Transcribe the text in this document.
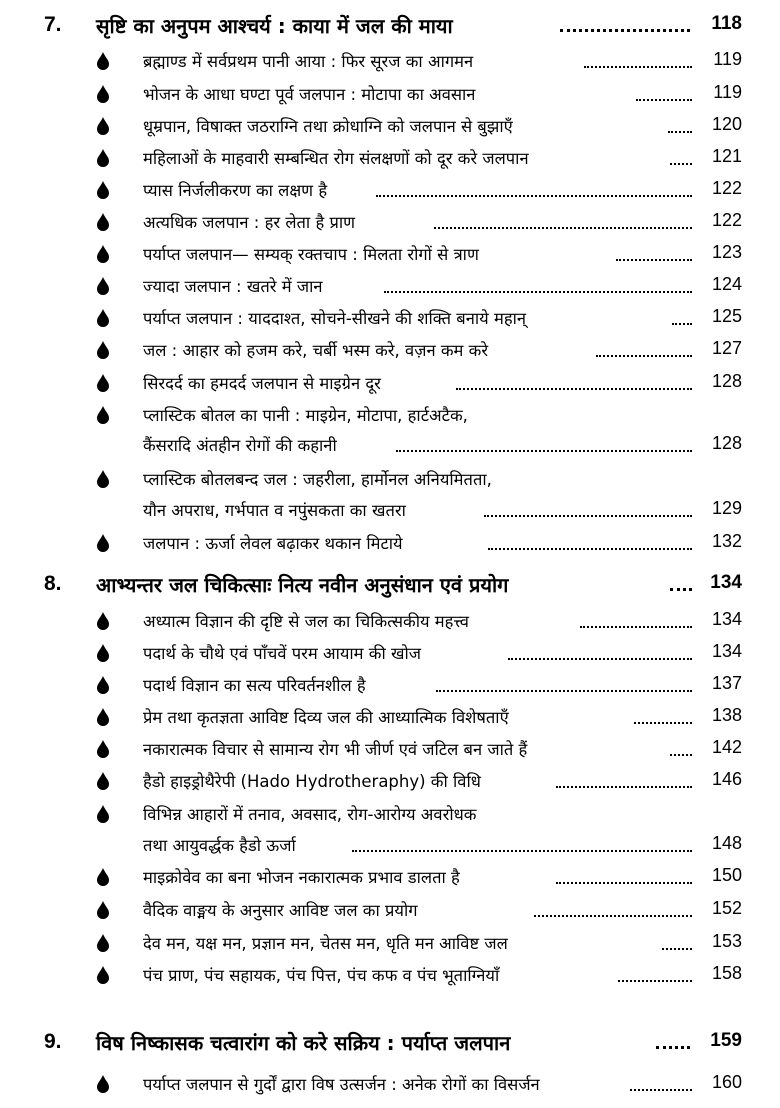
7. सृष्टि का अनुपम आश्चर्य : काया में जल की माया	118
ब्रह्माण्ड में सर्वप्रथम पानी आया : फिर सूरज का आगमन	119
भोजन के आधा घण्टा पूर्व जलपान : मोटापा का अवसान	119
धूम्रपान, विषाक्त जठराग्नि तथा क्रोधाग्नि को जलपान से बुझाएँ	120
महिलाओं के माहवारी सम्बन्धित रोग संलक्षणों को दूर करे जलपान	121
प्यास निर्जलीकरण का लक्षण है	122
अत्यधिक जलपान : हर लेता है प्राण	122
पर्याप्त जलपान— सम्यक् रक्तचाप : मिलता रोगों से त्राण	123
ज्यादा जलपान : खतरे में जान	124
पर्याप्त जलपान : याददाश्त, सोचने-सीखने की शक्ति बनाये महान्	125
जल : आहार को हजम करे, चर्बी भस्म करे, वज़न कम करे	127
सिरदर्द का हमदर्द जलपान से माइग्रेन दूर	128
प्लास्टिक बोतल का पानी : माइग्रेन, मोटापा, हार्टअटैक,
कैंसरादि अंतहीन रोगों की कहानी	128
प्लास्टिक बोतलबन्द जल : जहरीला, हार्मोनल अनियमितता,
यौन अपराध, गर्भपात व नपुंसकता का खतरा	129
जलपान : ऊर्जा लेवल बढ़ाकर थकान मिटाये	132
8. आभ्यन्तर जल चिकित्साः नित्य नवीन अनुसंधान एवं प्रयोग	134
अध्यात्म विज्ञान की दृष्टि से जल का चिकित्सकीय महत्त्व	134
पदार्थ के चौथे एवं पाँचवें परम आयाम की खोज	134
पदार्थ विज्ञान का सत्य परिवर्तनशील है	137
प्रेम तथा कृतज्ञता आविष्ट दिव्य जल की आध्यात्मिक विशेषताएँ	138
नकारात्मक विचार से सामान्य रोग भी जीर्ण एवं जटिल बन जाते हैं	142
हैडो हाइड्रोथैरेपी (Hado Hydrotheraphy) की विधि	146
विभिन्न आहारों में तनाव, अवसाद, रोग-आरोग्य अवरोधक
तथा आयुवर्द्धक हैडो ऊर्जा	148
माइक्रोवेव का बना भोजन नकारात्मक प्रभाव डालता है	150
वैदिक वाङ्मय के अनुसार आविष्ट जल का प्रयोग	152
देव मन, यक्ष मन, प्रज्ञान मन, चेतस मन, धृति मन आविष्ट जल	153
पंच प्राण, पंच सहायक, पंच पित्त, पंच कफ व पंच भूताग्नियाँ	158
9. विष निष्कासक चत्वारांग को करे सक्रिय : पर्याप्त जलपान	159
पर्याप्त जलपान से गुर्दों द्वारा विष उत्सर्जन : अनेक रोगों का विसर्जन	160
